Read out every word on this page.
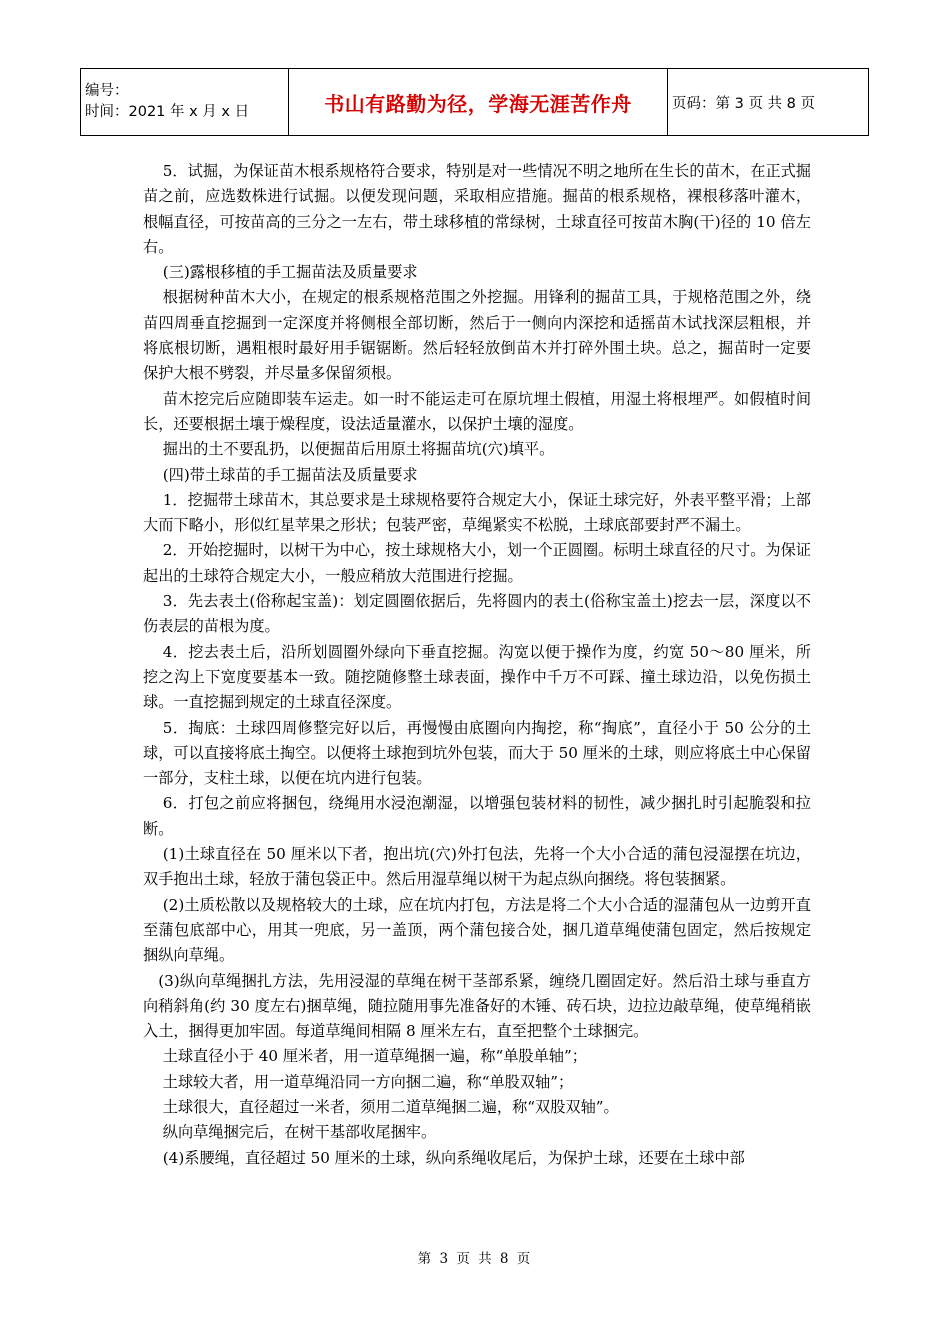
编号：
时间：2021 年 x 月 x 日	书山有路勤为径，学海无涯苦作舟	页码：第 3 页 共 8 页

5．试掘，为保证苗木根系规格符合要求，特别是对一些情况不明之地所在生长的苗木，在正式掘苗之前，应选数株进行试掘。以便发现问题，采取相应措施。掘苗的根系规格，裸根移落叶灌木，根幅直径，可按苗高的三分之一左右，带土球移植的常绿树，土球直径可按苗木胸(干)径的 10 倍左右。

(三)露根移植的手工掘苗法及质量要求

根据树种苗木大小，在规定的根系规格范围之外挖掘。用锋利的掘苗工具，于规格范围之外，绕苗四周垂直挖掘到一定深度并将侧根全部切断，然后于一侧向内深挖和适摇苗木试找深层粗根，并将底根切断，遇粗根时最好用手锯锯断。然后轻轻放倒苗木并打碎外围土块。总之，掘苗时一定要保护大根不劈裂，并尽量多保留须根。

苗木挖完后应随即装车运走。如一时不能运走可在原坑埋土假植，用湿土将根埋严。如假植时间长，还要根据土壤于燥程度，设法适量灌水，以保护土壤的湿度。

掘出的土不要乱扔，以便掘苗后用原土将掘苗坑(穴)填平。

(四)带土球苗的手工掘苗法及质量要求

1．挖掘带土球苗木，其总要求是土球规格要符合规定大小，保证土球完好，外表平整平滑；上部大而下略小，形似红星苹果之形状；包装严密，草绳紧实不松脱，土球底部要封严不漏土。

2．开始挖掘时，以树干为中心，按土球规格大小，划一个正圆圈。标明土球直径的尺寸。为保证起出的土球符合规定大小，一般应稍放大范围进行挖掘。

3．先去表土(俗称起宝盖)：划定圆圈依据后，先将圆内的表土(俗称宝盖土)挖去一层，深度以不伤表层的苗根为度。

4．挖去表土后，沿所划圆圈外绿向下垂直挖掘。沟宽以便于操作为度，约宽 50～80 厘米，所挖之沟上下宽度要基本一致。随挖随修整土球表面，操作中千万不可踩、撞土球边沿，以免伤损土球。一直挖掘到规定的土球直径深度。

5．掏底：土球四周修整完好以后，再慢慢由底圈向内掏挖，称“掏底”，直径小于 50 公分的土球，可以直接将底土掏空。以便将土球抱到坑外包装，而大于 50 厘米的土球，则应将底土中心保留一部分，支柱土球，以便在坑内进行包装。

6．打包之前应将捆包，绕绳用水浸泡潮湿，以增强包装材料的韧性，减少捆扎时引起脆裂和拉断。

(1)土球直径在 50 厘米以下者，抱出坑(穴)外打包法，先将一个大小合适的蒲包浸湿摆在坑边，双手抱出土球，轻放于蒲包袋正中。然后用湿草绳以树干为起点纵向捆绕。将包装捆紧。

(2)土质松散以及规格较大的土球，应在坑内打包，方法是将二个大小合适的湿蒲包从一边剪开直至蒲包底部中心，用其一兜底，另一盖顶，两个蒲包接合处，捆几道草绳使蒲包固定，然后按规定捆纵向草绳。

(3)纵向草绳捆扎方法，先用浸湿的草绳在树干茎部系紧，缠绕几圈固定好。然后沿土球与垂直方向稍斜角(约 30 度左右)捆草绳，随拉随用事先准备好的木锤、砖石块，边拉边敲草绳，使草绳稍嵌入土，捆得更加牢固。每道草绳间相隔 8 厘米左右，直至把整个土球捆完。

土球直径小于 40 厘米者，用一道草绳捆一遍，称“单股单轴”；

土球较大者，用一道草绳沿同一方向捆二遍，称“单股双轴”；

土球很大，直径超过一米者，须用二道草绳捆二遍，称“双股双轴”。

纵向草绳捆完后，在树干基部收尾捆牢。

(4)系腰绳，直径超过 50 厘米的土球，纵向系绳收尾后，为保护土球，还要在土球中部

第 3 页 共 8 页
